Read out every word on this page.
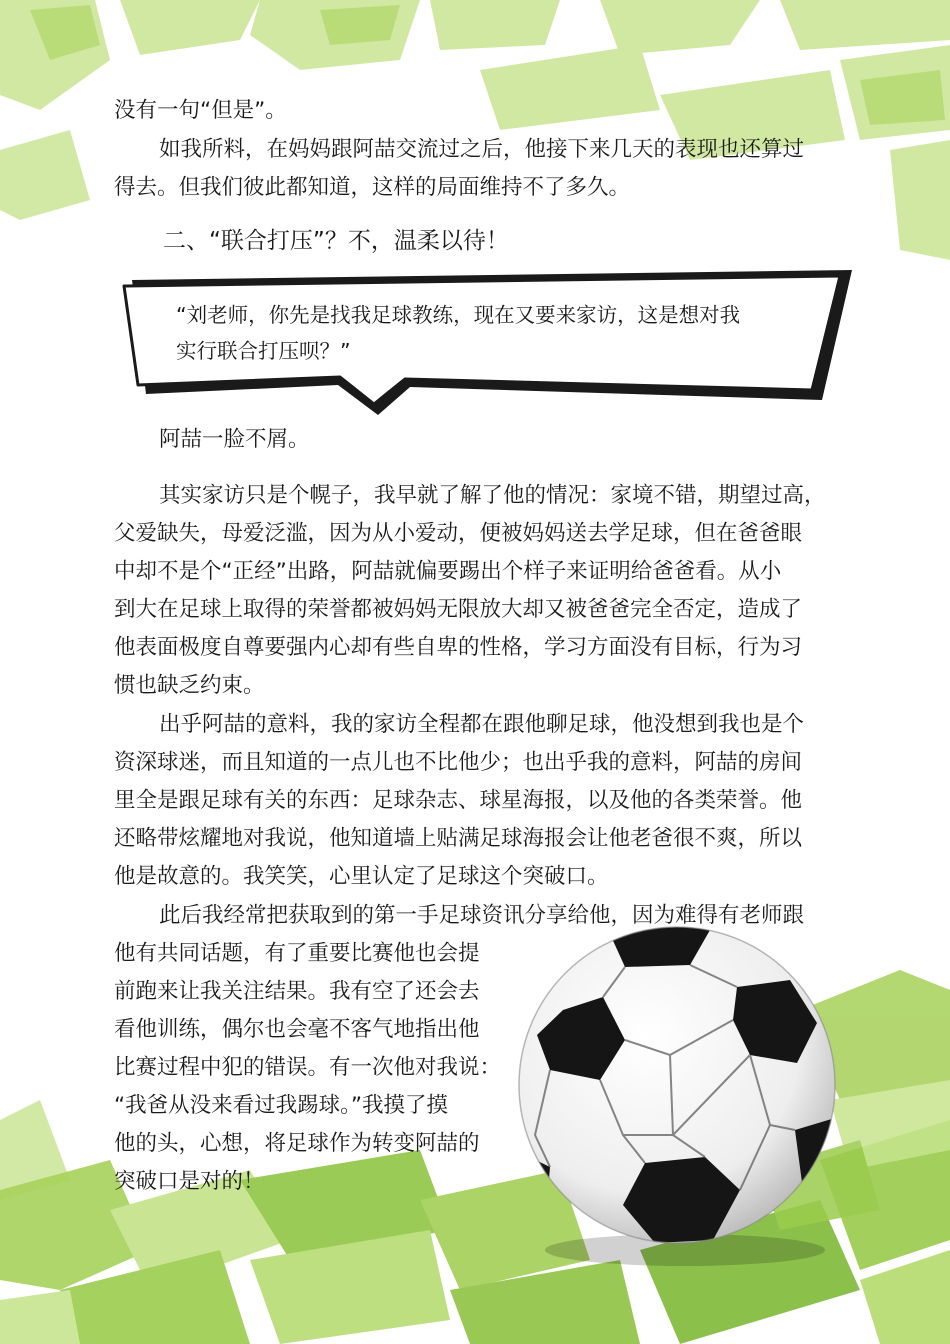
没有一句“但是”。

如我所料，在妈妈跟阿喆交流过之后，他接下来几天的表现也还算过

得去。但我们彼此都知道，这样的局面维持不了多久。

二、“联合打压”？不，温柔以待！

“刘老师，你先是找我足球教练，现在又要来家访，这是想对我

实行联合打压呗？”

阿喆一脸不屑。

其实家访只是个幌子，我早就了解了他的情况：家境不错，期望过高，

父爱缺失，母爱泛滥，因为从小爱动，便被妈妈送去学足球，但在爸爸眼

中却不是个“正经”出路，阿喆就偏要踢出个样子来证明给爸爸看。从小

到大在足球上取得的荣誉都被妈妈无限放大却又被爸爸完全否定，造成了

他表面极度自尊要强内心却有些自卑的性格，学习方面没有目标，行为习

惯也缺乏约束。

出乎阿喆的意料，我的家访全程都在跟他聊足球，他没想到我也是个

资深球迷，而且知道的一点儿也不比他少；也出乎我的意料，阿喆的房间

里全是跟足球有关的东西：足球杂志、球星海报，以及他的各类荣誉。他

还略带炫耀地对我说，他知道墙上贴满足球海报会让他老爸很不爽，所以

他是故意的。我笑笑，心里认定了足球这个突破口。

此后我经常把获取到的第一手足球资讯分享给他，因为难得有老师跟

他有共同话题，有了重要比赛他也会提

前跑来让我关注结果。我有空了还会去

看他训练，偶尔也会毫不客气地指出他

比赛过程中犯的错误。有一次他对我说：

“我爸从没来看过我踢球。”我摸了摸

他的头，心想，将足球作为转变阿喆的

突破口是对的！
